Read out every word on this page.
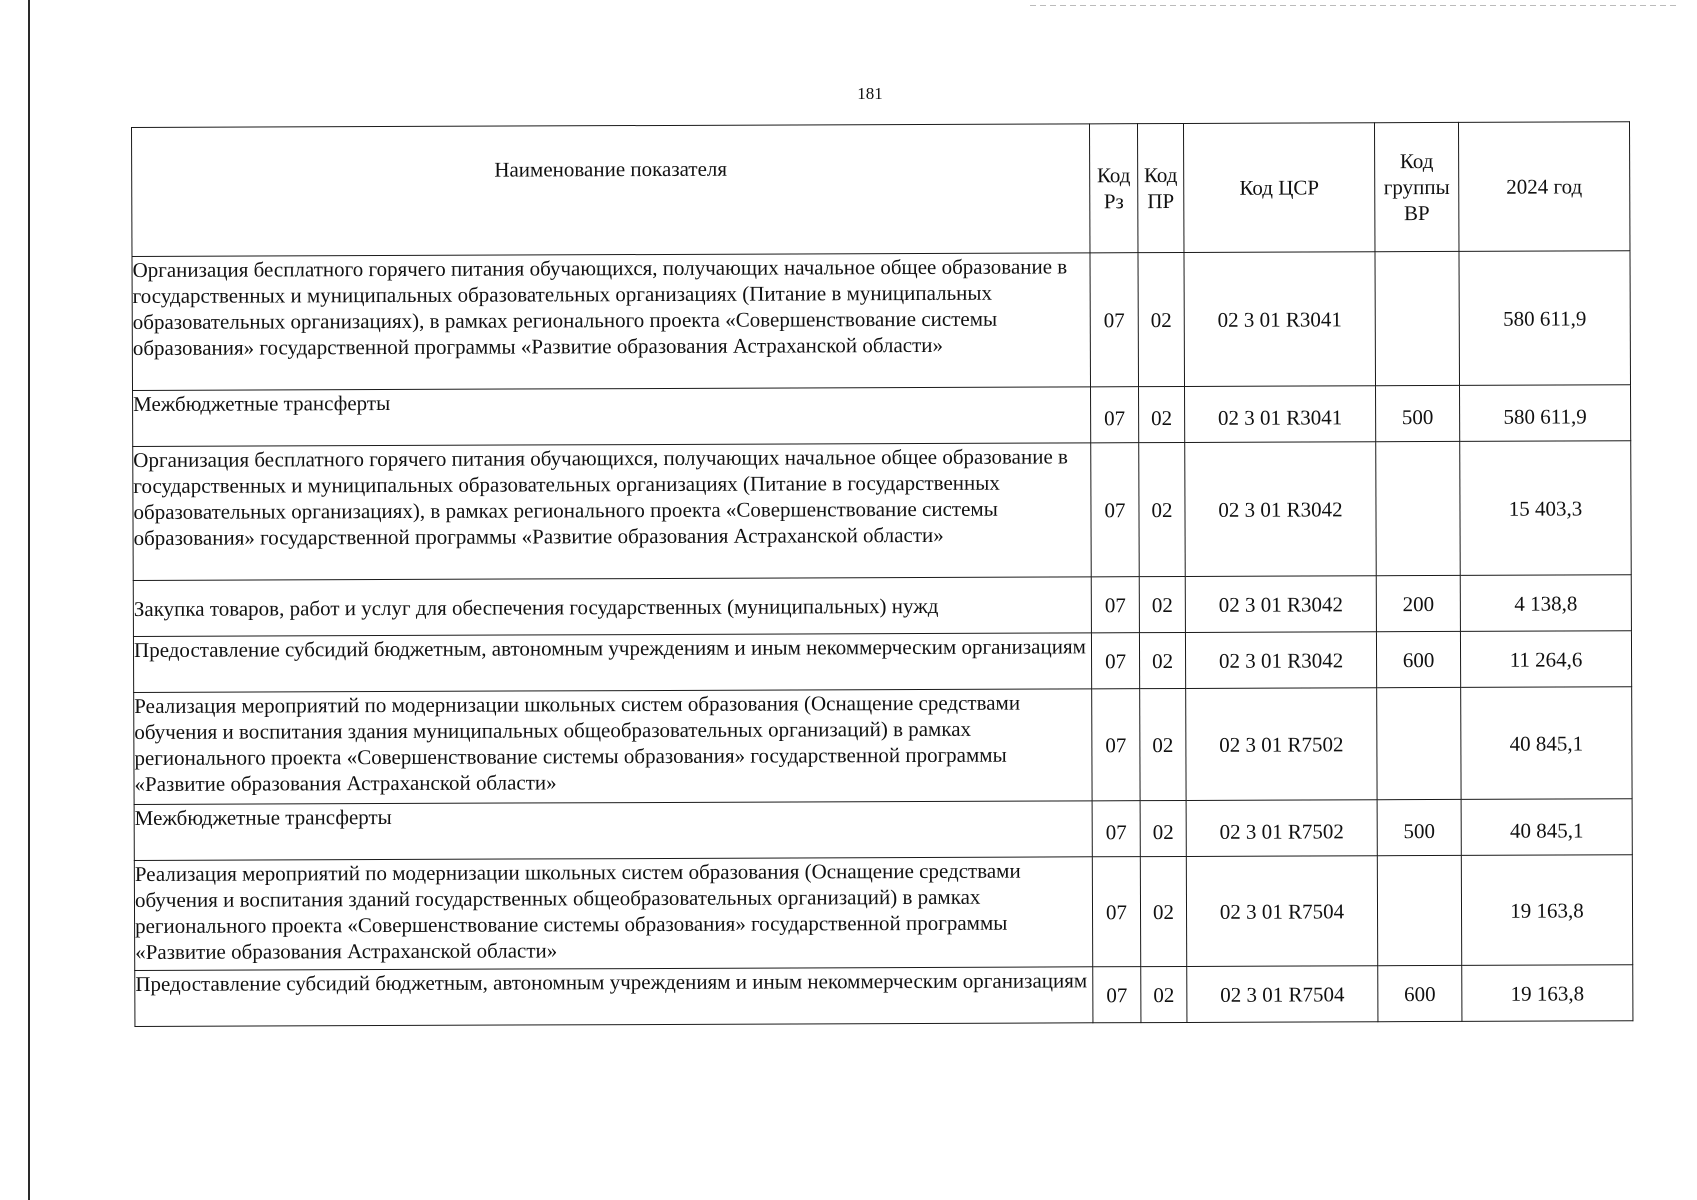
181
Наименование показателя	Код Рз	Код ПР	Код ЦСР	Код группы ВР	2024 год
Организация бесплатного горячего питания обучающихся, получающих начальное общее образование в государственных и муниципальных образовательных организациях (Питание в муниципальных образовательных организациях), в рамках регионального проекта «Совершенствование системы образования» государственной программы «Развитие образования Астраханской области»	07	02	02 3 01 R3041		580 611,9
Межбюджетные трансферты	07	02	02 3 01 R3041	500	580 611,9
Организация бесплатного горячего питания обучающихся, получающих начальное общее образование в государственных и муниципальных образовательных организациях (Питание в государственных образовательных организациях), в рамках регионального проекта «Совершенствование системы образования» государственной программы «Развитие образования Астраханской области»	07	02	02 3 01 R3042		15 403,3
Закупка товаров, работ и услуг для обеспечения государственных (муниципальных) нужд	07	02	02 3 01 R3042	200	4 138,8
Предоставление субсидий бюджетным, автономным учреждениям и иным некоммерческим организациям	07	02	02 3 01 R3042	600	11 264,6
Реализация мероприятий по модернизации школьных систем образования (Оснащение средствами обучения и воспитания здания муниципальных общеобразовательных организаций) в рамках регионального проекта «Совершенствование системы образования» государственной программы «Развитие образования Астраханской области»	07	02	02 3 01 R7502		40 845,1
Межбюджетные трансферты	07	02	02 3 01 R7502	500	40 845,1
Реализация мероприятий по модернизации школьных систем образования (Оснащение средствами обучения и воспитания зданий государственных общеобразовательных организаций) в рамках регионального проекта «Совершенствование системы образования» государственной программы «Развитие образования Астраханской области»	07	02	02 3 01 R7504		19 163,8
Предоставление субсидий бюджетным, автономным учреждениям и иным некоммерческим организациям	07	02	02 3 01 R7504	600	19 163,8
